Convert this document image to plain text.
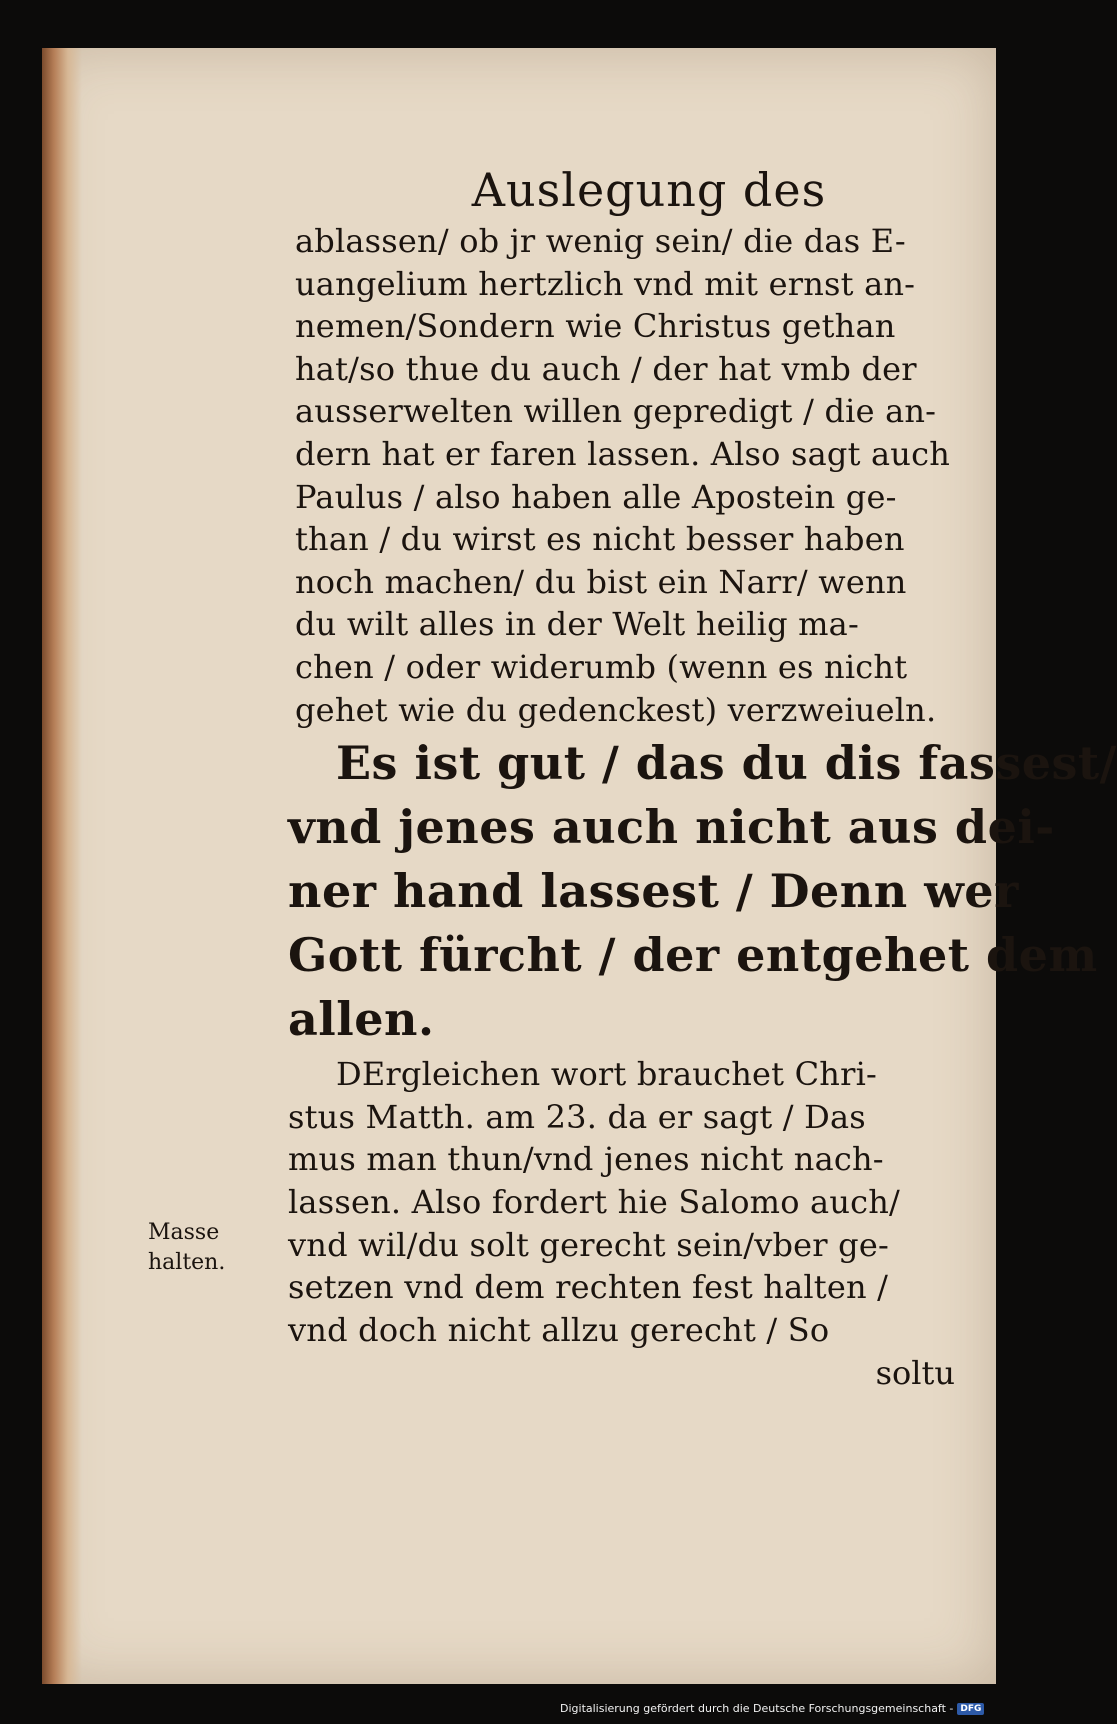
Auslegung des
ablassen/ ob jr wenig sein/ die das E-
uangelium hertzlich vnd mit ernst an-
nemen/Sondern wie Christus gethan
hat/so thue du auch / der hat vmb der
ausserwelten willen gepredigt / die an-
dern hat er faren lassen. Also sagt auch
Paulus / also haben alle Apostein ge-
than / du wirst es nicht besser haben
noch machen/ du bist ein Narr/ wenn
du wilt alles in der Welt heilig ma-
chen / oder widerumb (wenn es nicht
gehet wie du gedenckest) verzweiueln.
Es ist gut / das du dis fassest/
vnd jenes auch nicht aus dei-
ner hand lassest / Denn wer
Gott fürcht / der entgehet dem
allen.
DErgleichen wort brauchet Chri-
stus Matth. am 23. da er sagt / Das
mus man thun/vnd jenes nicht nach-
lassen. Also fordert hie Salomo auch/
vnd wil/du solt gerecht sein/vber ge-
setzen vnd dem rechten fest halten /
vnd doch nicht allzu gerecht / So
soltu
Masse
halten.
Digitalisierung gefördert durch die Deutsche Forschungsgemeinschaft - DFG
